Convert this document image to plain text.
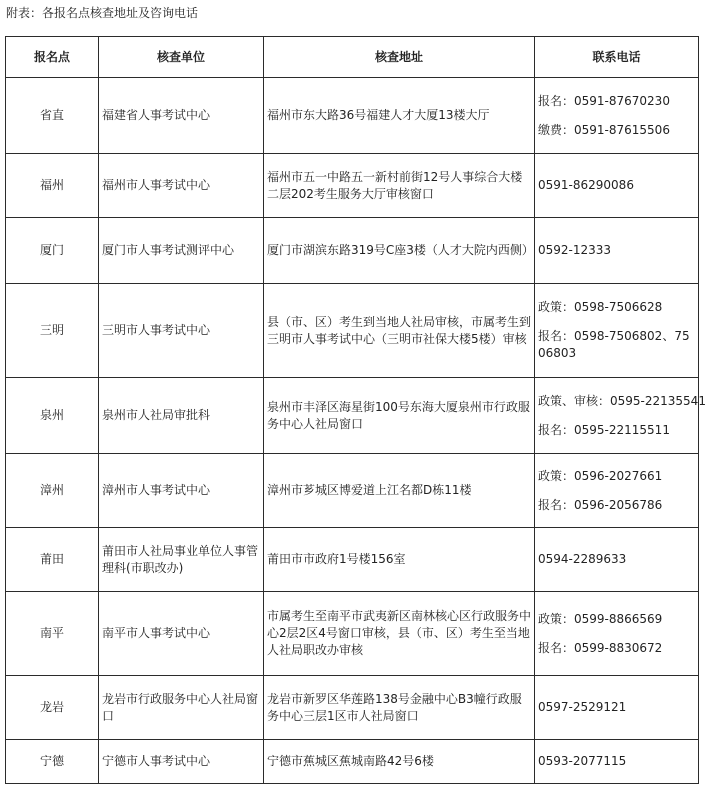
附表：各报名点核查地址及咨询电话
报名点	核查单位	核查地址	联系电话
省直	福建省人事考试中心	福州市东大路36号福建人才大厦13楼大厅	报名：0591-87670230
缴费：0591-87615506

福州	福州市人事考试中心	福州市五一中路五一新村前街12号人事综合大楼二层202考生服务大厅审核窗口	0591-86290086

厦门	厦门市人事考试测评中心	厦门市湖滨东路319号C座3楼（人才大院内西侧）	0592-12333

三明	三明市人事考试中心	县（市、区）考生到当地人社局审核，市属考生到三明市人事考试中心（三明市社保大楼5楼）审核	政策：0598-7506628
报名：0598-7506802、7506803

泉州	泉州市人社局审批科	泉州市丰泽区海星街100号东海大厦泉州市行政服务中心人社局窗口	政策、审核：0595-22135541
报名：0595-22115511

漳州	漳州市人事考试中心	漳州市芗城区博爱道上江名都D栋11楼	政策：0596-2027661
报名：0596-2056786

莆田	莆田市人社局事业单位人事管理科(市职改办)	莆田市市政府1号楼156室	0594-2289633

南平	南平市人事考试中心	市属考生至南平市武夷新区南林核心区行政服务中心2层2区4号窗口审核，县（市、区）考生至当地人社局职改办审核	政策：0599-8866569
报名：0599-8830672

龙岩	龙岩市行政服务中心人社局窗口	龙岩市新罗区华莲路138号金融中心B3幢行政服务中心三层1区市人社局窗口	0597-2529121

宁德	宁德市人事考试中心	宁德市蕉城区蕉城南路42号6楼	0593-2077115
